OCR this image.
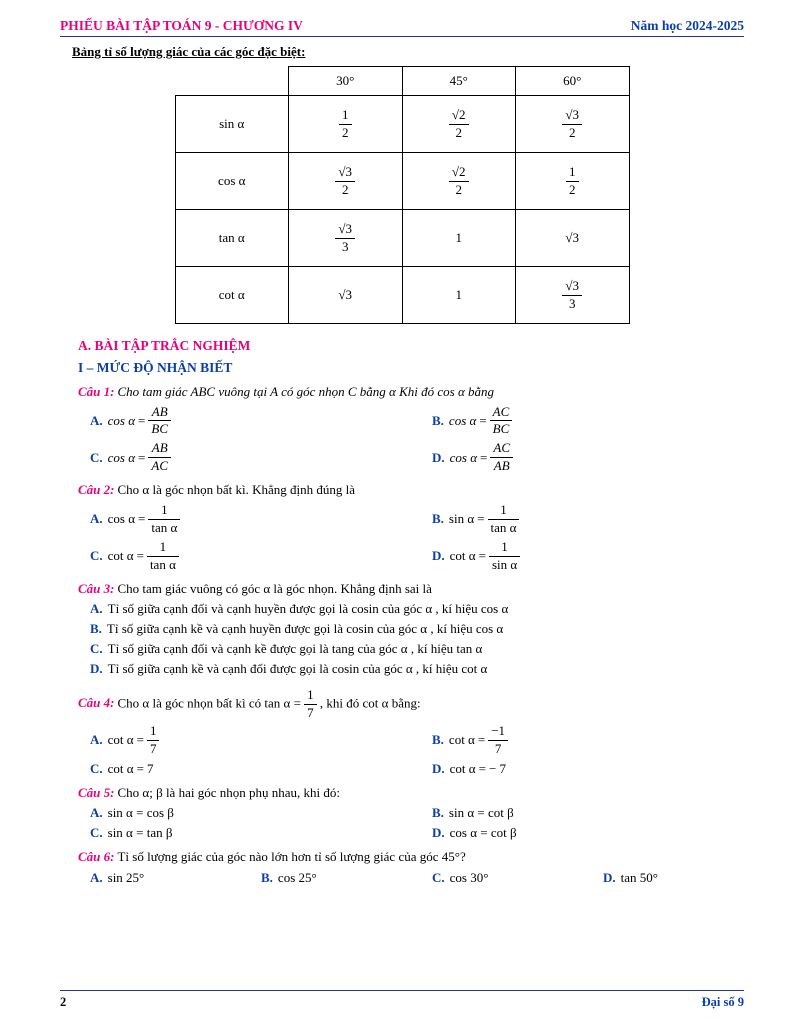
PHIẾU BÀI TẬP TOÁN 9 - CHƯƠNG IV	Năm học 2024-2025
Bảng tỉ số lượng giác của các góc đặc biệt:
	30°	45°	60°
sin α	$\frac{1}{2}$	$\frac{√2}{2}$	$\frac{√3}{2}$

cos α	$\frac{√3}{2}$	$\frac{√2}{2}$	$\frac{1}{2}$

tan α	$\frac{√3}{3}$	1	√3
cot α	√3	1	$\frac{√3}{3}$
A. BÀI TẬP TRẮC NGHIỆM
I – MỨC ĐỘ NHẬN BIẾT
Câu 1: Cho tam giác ABC vuông tại A có góc nhọn C bằng α Khi đó cos α bằng
A. $\cos \alpha = \frac{AB}{BC}$	B. $\cos \alpha = \frac{AC}{BC}$
C. $\cos \alpha = \frac{AB}{AC}$	D. $\cos \alpha = \frac{AC}{AB}$
Câu 2: Cho α là góc nhọn bất kì. Khẳng định đúng là
A. $\cos \alpha = \frac{1}{\text{tan α}}$	B. $\sin \alpha = \frac{1}{\text{tan α}}$
C. $\cot \alpha = \frac{1}{\text{tan α}}$	D. $\cot \alpha = \frac{1}{\text{sin α}}$
Câu 3: Cho tam giác vuông có góc α là góc nhọn. Khẳng định sai là
A. Tỉ số giữa cạnh đối và cạnh huyền được gọi là cosin của góc α , kí hiệu cos α
B. Tỉ số giữa cạnh kề và cạnh huyền được gọi là cosin của góc α , kí hiệu cos α
C. Tỉ số giữa cạnh đối và cạnh kề được gọi là tang của góc α , kí hiệu tan α
D. Tỉ số giữa cạnh kề và cạnh đối được gọi là cosin của góc α , kí hiệu cot α
Câu 4: Cho α là góc nhọn bất kì có $\tan \alpha = \frac{1}{7}$ , khi đó cot α bằng:
A. $\cot \alpha = \frac{1}{7}$	B. $\cot \alpha = \frac{-1}{7}$
C. cot α = 7	D. cot α = − 7
Câu 5: Cho α; β là hai góc nhọn phụ nhau, khi đó:
A. sin α = cos β	B. sin α = cot β
C. sin α = tan β	D. cos α = cot β
Câu 6: Tỉ số lượng giác của góc nào lớn hơn tỉ số lượng giác của góc 45°?
A. sin 25°	B. cos 25°	C. cos 30°	D. tan 50°
2	Đại số 9
